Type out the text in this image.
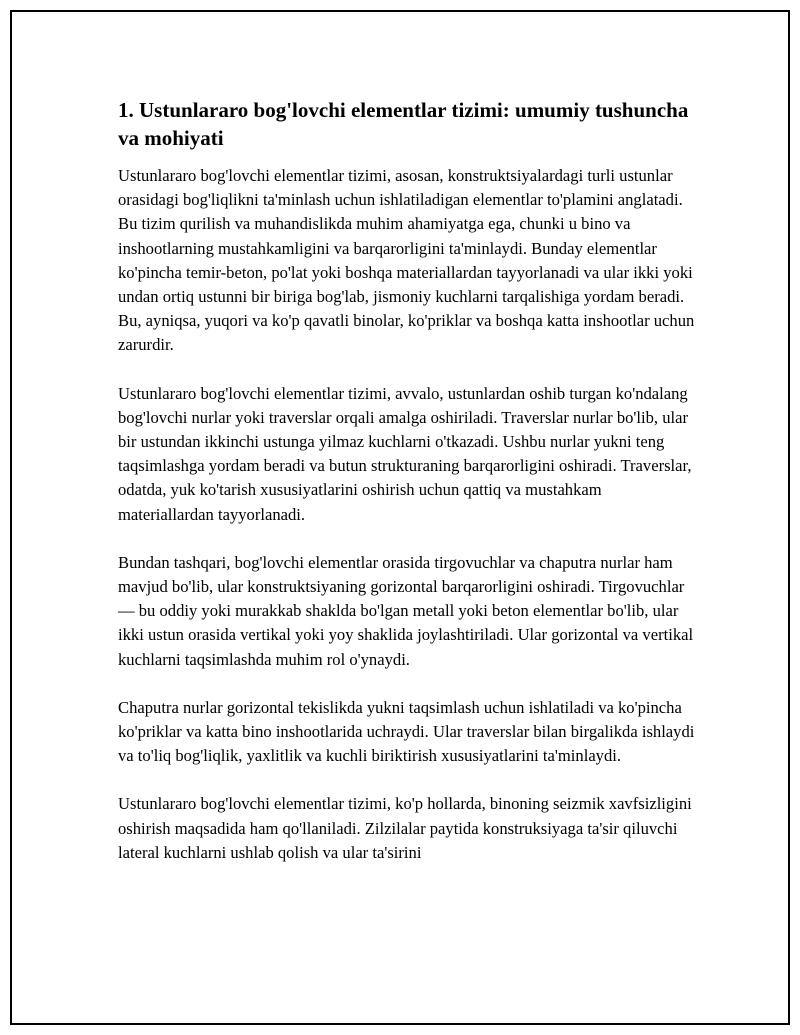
1. Ustunlararo bog'lovchi elementlar tizimi: umumiy tushuncha va mohiyati

Ustunlararo bog'lovchi elementlar tizimi, asosan, konstruktsiyalardagi turli ustunlar orasidagi bog'liqlikni ta'minlash uchun ishlatiladigan elementlar to'plamini anglatadi. Bu tizim qurilish va muhandislikda muhim ahamiyatga ega, chunki u bino va inshootlarning mustahkamligini va barqarorligini ta'minlaydi. Bunday elementlar ko'pincha temir-beton, po'lat yoki boshqa materiallardan tayyorlanadi va ular ikki yoki undan ortiq ustunni bir biriga bog'lab, jismoniy kuchlarni tarqalishiga yordam beradi. Bu, ayniqsa, yuqori va ko'p qavatli binolar, ko'priklar va boshqa katta inshootlar uchun zarurdir.

Ustunlararo bog'lovchi elementlar tizimi, avvalo, ustunlardan oshib turgan ko'ndalang bog'lovchi nurlar yoki traverslar orqali amalga oshiriladi. Traverslar nurlar bo'lib, ular bir ustundan ikkinchi ustunga yilmaz kuchlarni o'tkazadi. Ushbu nurlar yukni teng taqsimlashga yordam beradi va butun strukturaning barqarorligini oshiradi. Traverslar, odatda, yuk ko'tarish xususiyatlarini oshirish uchun qattiq va mustahkam materiallardan tayyorlanadi.

Bundan tashqari, bog'lovchi elementlar orasida tirgovuchlar va chaputra nurlar ham mavjud bo'lib, ular konstruktsiyaning gorizontal barqarorligini oshiradi. Tirgovuchlar — bu oddiy yoki murakkab shaklda bo'lgan metall yoki beton elementlar bo'lib, ular ikki ustun orasida vertikal yoki yoy shaklida joylashtiriladi. Ular gorizontal va vertikal kuchlarni taqsimlashda muhim rol o'ynaydi.

Chaputra nurlar gorizontal tekislikda yukni taqsimlash uchun ishlatiladi va ko'pincha ko'priklar va katta bino inshootlarida uchraydi. Ular traverslar bilan birgalikda ishlaydi va to'liq bog'liqlik, yaxlitlik va kuchli biriktirish xususiyatlarini ta'minlaydi.

Ustunlararo bog'lovchi elementlar tizimi, ko'p hollarda, binoning seizmik xavfsizligini oshirish maqsadida ham qo'llaniladi. Zilzilalar paytida konstruksiyaga ta'sir qiluvchi lateral kuchlarni ushlab qolish va ular ta'sirini
